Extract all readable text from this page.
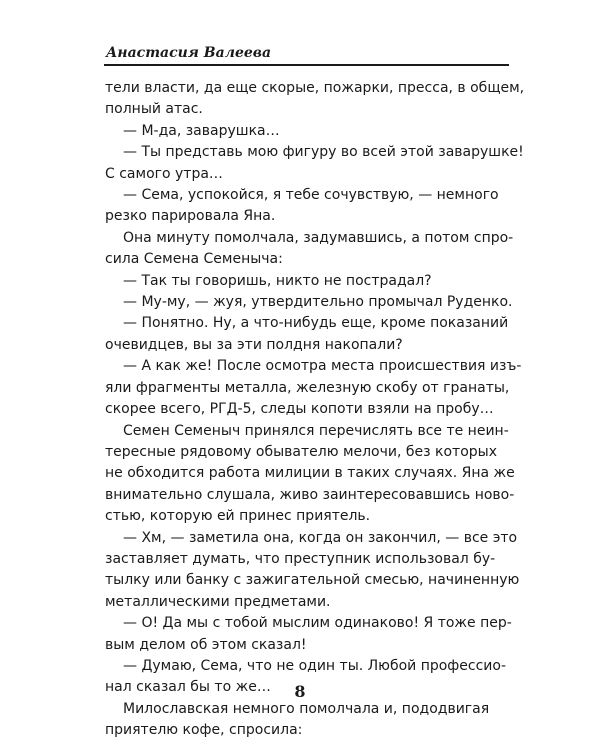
Анастасия Валеева

тели власти, да еще скорые, пожарки, пресса, в общем,

полный атас.

— М-да, заварушка…

— Ты представь мою фигуру во всей этой заварушке!

С самого утра…

— Сема, успокойся, я тебе сочувствую, — немного

резко парировала Яна.

Она минуту помолчала, задумавшись, а потом спро-

сила Семена Семеныча:

— Так ты говоришь, никто не пострадал?

— Му-му, — жуя, утвердительно промычал Руденко.

— Понятно. Ну, а что-нибудь еще, кроме показаний

очевидцев, вы за эти полдня накопали?

— А как же! После осмотра места происшествия изъ-

яли фрагменты металла, железную скобу от гранаты,

скорее всего, РГД-5, следы копоти взяли на пробу…

Семен Семеныч принялся перечислять все те неин-

тересные рядовому обывателю мелочи, без которых

не обходится работа милиции в таких случаях. Яна же

внимательно слушала, живо заинтересовавшись ново-

стью, которую ей принес приятель.

— Хм, — заметила она, когда он закончил, — все это

заставляет думать, что преступник использовал бу-

тылку или банку с зажигательной смесью, начиненную

металлическими предметами.

— О! Да мы с тобой мыслим одинаково! Я тоже пер-

вым делом об этом сказал!

— Думаю, Сема, что не один ты. Любой профессио-

нал сказал бы то же…

Милославская немного помолчала и, пододвигая

приятелю кофе, спросила:

8
